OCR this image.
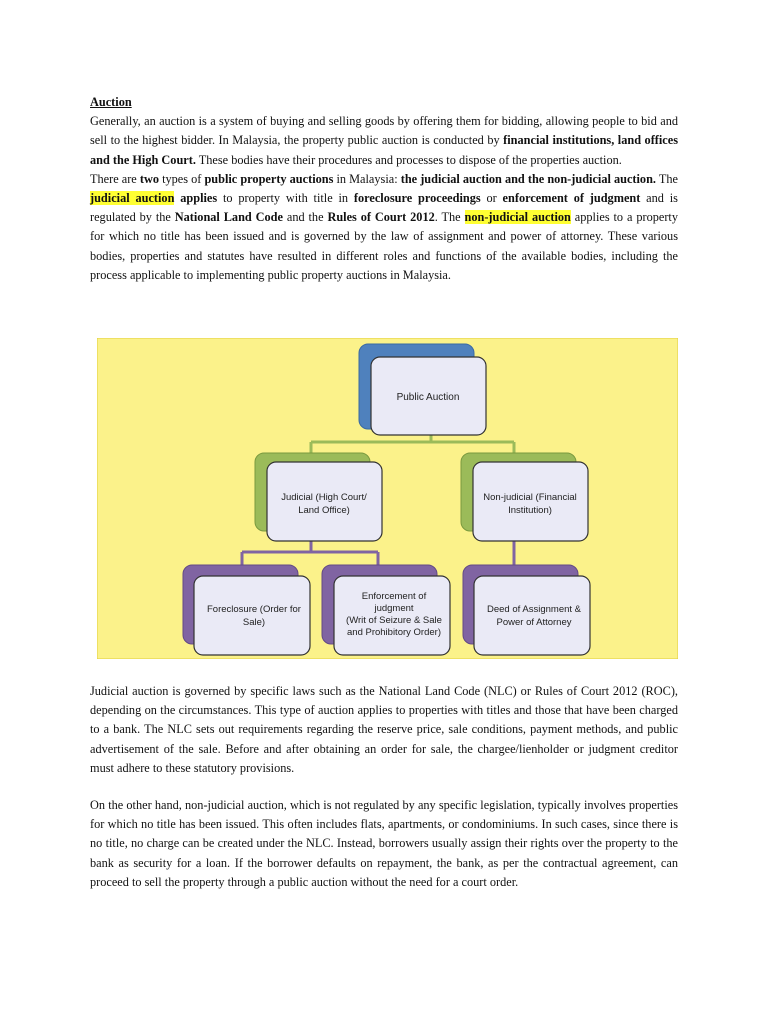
Auction

Generally, an auction is a system of buying and selling goods by offering them for bidding, allowing people to bid and sell to the highest bidder. In Malaysia, the property public auction is conducted by financial institutions, land offices and the High Court. These bodies have their procedures and processes to dispose of the properties auction.

There are two types of public property auctions in Malaysia: the judicial auction and the non-judicial auction. The judicial auction applies to property with title in foreclosure proceedings or enforcement of judgment and is regulated by the National Land Code and the Rules of Court 2012. The non-judicial auction applies to a property for which no title has been issued and is governed by the law of assignment and power of attorney. These various bodies, properties and statutes have resulted in different roles and functions of the available bodies, including the process applicable to implementing public property auctions in Malaysia.

Public Auction
Judicial (High Court/
Land Office)
Non-judicial (Financial
Institution)
Foreclosure (Order for
Sale)
Enforcement of
judgment
(Writ of Seizure & Sale
and Prohibitory Order)
Deed of Assignment &
Power of Attorney

Judicial auction is governed by specific laws such as the National Land Code (NLC) or Rules of Court 2012 (ROC), depending on the circumstances. This type of auction applies to properties with titles and those that have been charged to a bank. The NLC sets out requirements regarding the reserve price, sale conditions, payment methods, and public advertisement of the sale. Before and after obtaining an order for sale, the chargee/lienholder or judgment creditor must adhere to these statutory provisions.

On the other hand, non-judicial auction, which is not regulated by any specific legislation, typically involves properties for which no title has been issued. This often includes flats, apartments, or condominiums. In such cases, since there is no title, no charge can be created under the NLC. Instead, borrowers usually assign their rights over the property to the bank as security for a loan. If the borrower defaults on repayment, the bank, as per the contractual agreement, can proceed to sell the property through a public auction without the need for a court order.
